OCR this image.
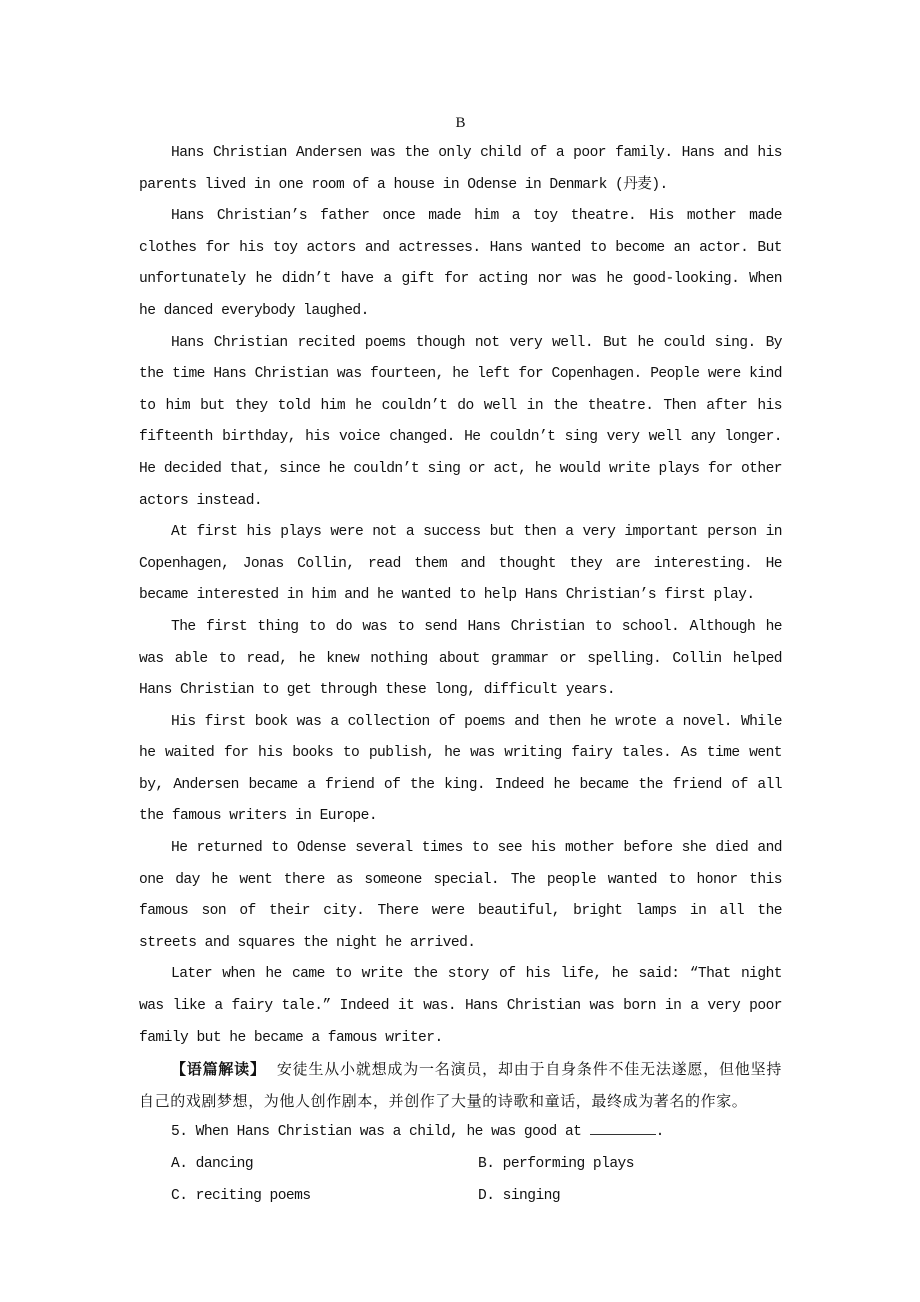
B

Hans Christian Andersen was the only child of a poor family. Hans and his parents lived in one room of a house in Odense in Denmark (丹麦).

Hans Christian’s father once made him a toy theatre. His mother made clothes for his toy actors and actresses. Hans wanted to become an actor. But unfortunately he didn’t have a gift for acting nor was he good-looking. When he danced everybody laughed.

Hans Christian recited poems though not very well. But he could sing. By the time Hans Christian was fourteen, he left for Copenhagen. People were kind to him but they told him he couldn’t do well in the theatre. Then after his fifteenth birthday, his voice changed. He couldn’t sing very well any longer. He decided that, since he couldn’t sing or act, he would write plays for other actors instead.

At first his plays were not a success but then a very important person in Copenhagen, Jonas Collin, read them and thought they are interesting. He became interested in him and he wanted to help Hans Christian’s first play.

The first thing to do was to send Hans Christian to school. Although he was able to read, he knew nothing about grammar or spelling. Collin helped Hans Christian to get through these long, difficult years.

His first book was a collection of poems and then he wrote a novel. While he waited for his books to publish, he was writing fairy tales. As time went by, Andersen became a friend of the king. Indeed he became the friend of all the famous writers in Europe.

He returned to Odense several times to see his mother before she died and one day he went there as someone special. The people wanted to honor this famous son of their city. There were beautiful, bright lamps in all the streets and squares the night he arrived.

Later when he came to write the story of his life, he said: “That night was like a fairy tale.” Indeed it was. Hans Christian was born in a very poor family but he became a famous writer.

【语篇解读】 安徒生从小就想成为一名演员，却由于自身条件不佳无法遂愿，但他坚持自己的戏剧梦想，为他人创作剧本，并创作了大量的诗歌和童话，最终成为著名的作家。

5. When Hans Christian was a child, he was good at	.

A. dancing	B. performing plays
C. reciting poems	D. singing
